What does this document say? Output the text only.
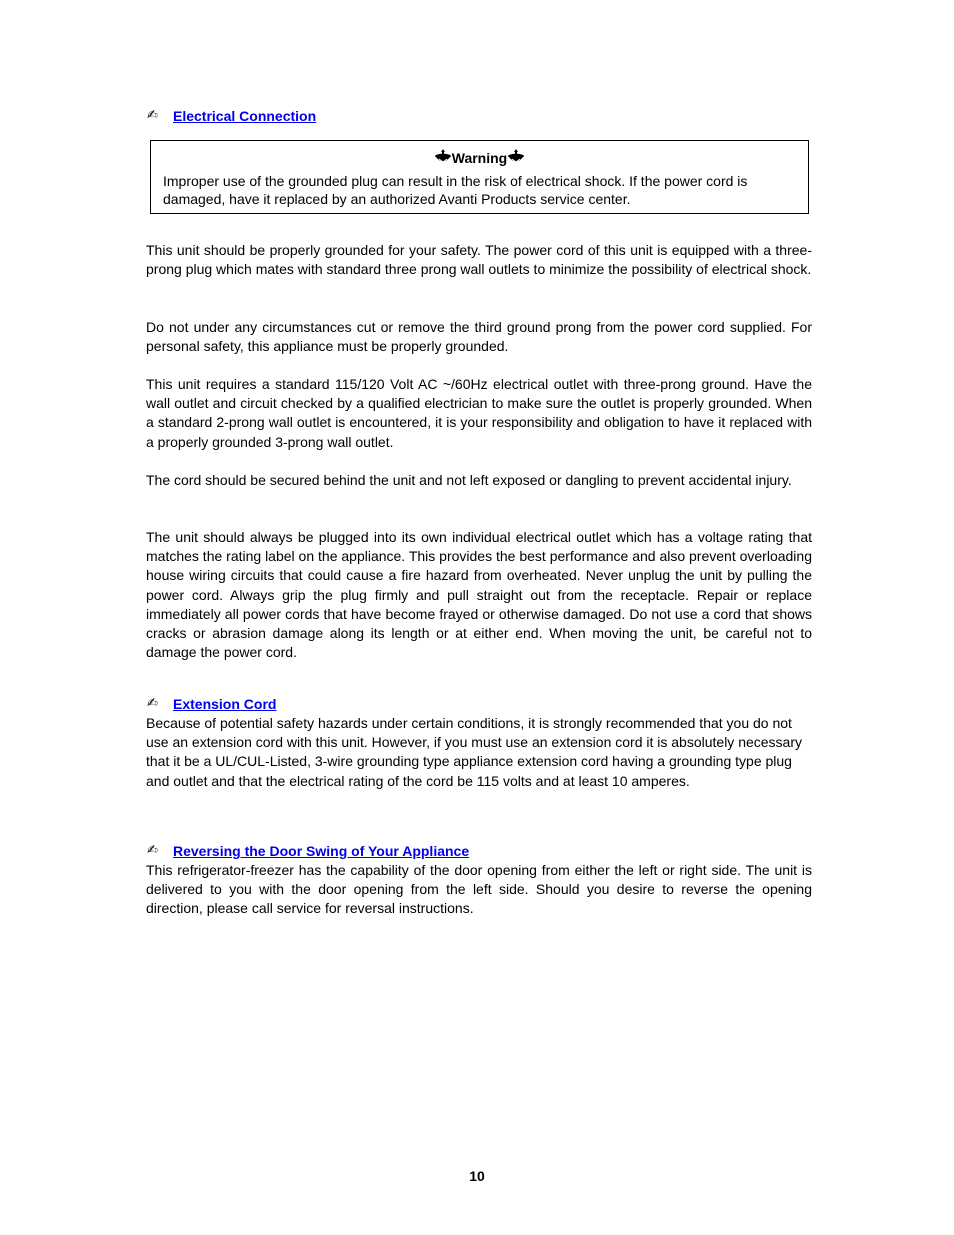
✍	Electrical Connection
Warning
Improper use of the grounded plug can result in the risk of electrical shock. If the power cord is damaged, have it replaced by an authorized Avanti Products service center.
This unit should be properly grounded for your safety. The power cord of this unit is equipped with a three-prong plug which mates with standard three prong wall outlets to minimize the possibility of electrical shock.
Do not under any circumstances cut or remove the third ground prong from the power cord supplied. For personal safety, this appliance must be properly grounded.
This unit requires a standard 115/120 Volt AC ~/60Hz electrical outlet with three-prong ground. Have the wall outlet and circuit checked by a qualified electrician to make sure the outlet is properly grounded. When a standard 2-prong wall outlet is encountered, it is your responsibility and obligation to have it replaced with a properly grounded 3-prong wall outlet.
The cord should be secured behind the unit and not left exposed or dangling to prevent accidental injury.
The unit should always be plugged into its own individual electrical outlet which has a voltage rating that matches the rating label on the appliance. This provides the best performance and also prevent overloading house wiring circuits that could cause a fire hazard from overheated. Never unplug the unit by pulling the power cord. Always grip the plug firmly and pull straight out from the receptacle. Repair or replace immediately all power cords that have become frayed or otherwise damaged. Do not use a cord that shows cracks or abrasion damage along its length or at either end. When moving the unit, be careful not to damage the power cord.
✍	Extension Cord
Because of potential safety hazards under certain conditions, it is strongly recommended that you do not use an extension cord with this unit. However, if you must use an extension cord it is absolutely necessary that it be a UL/CUL-Listed, 3-wire grounding type appliance extension cord having a grounding type plug and outlet and that the electrical rating of the cord be 115 volts and at least 10 amperes.
✍	Reversing the Door Swing of Your Appliance
This refrigerator-freezer has the capability of the door opening from either the left or right side. The unit is delivered to you with the door opening from the left side. Should you desire to reverse the opening direction, please call service for reversal instructions.
10
